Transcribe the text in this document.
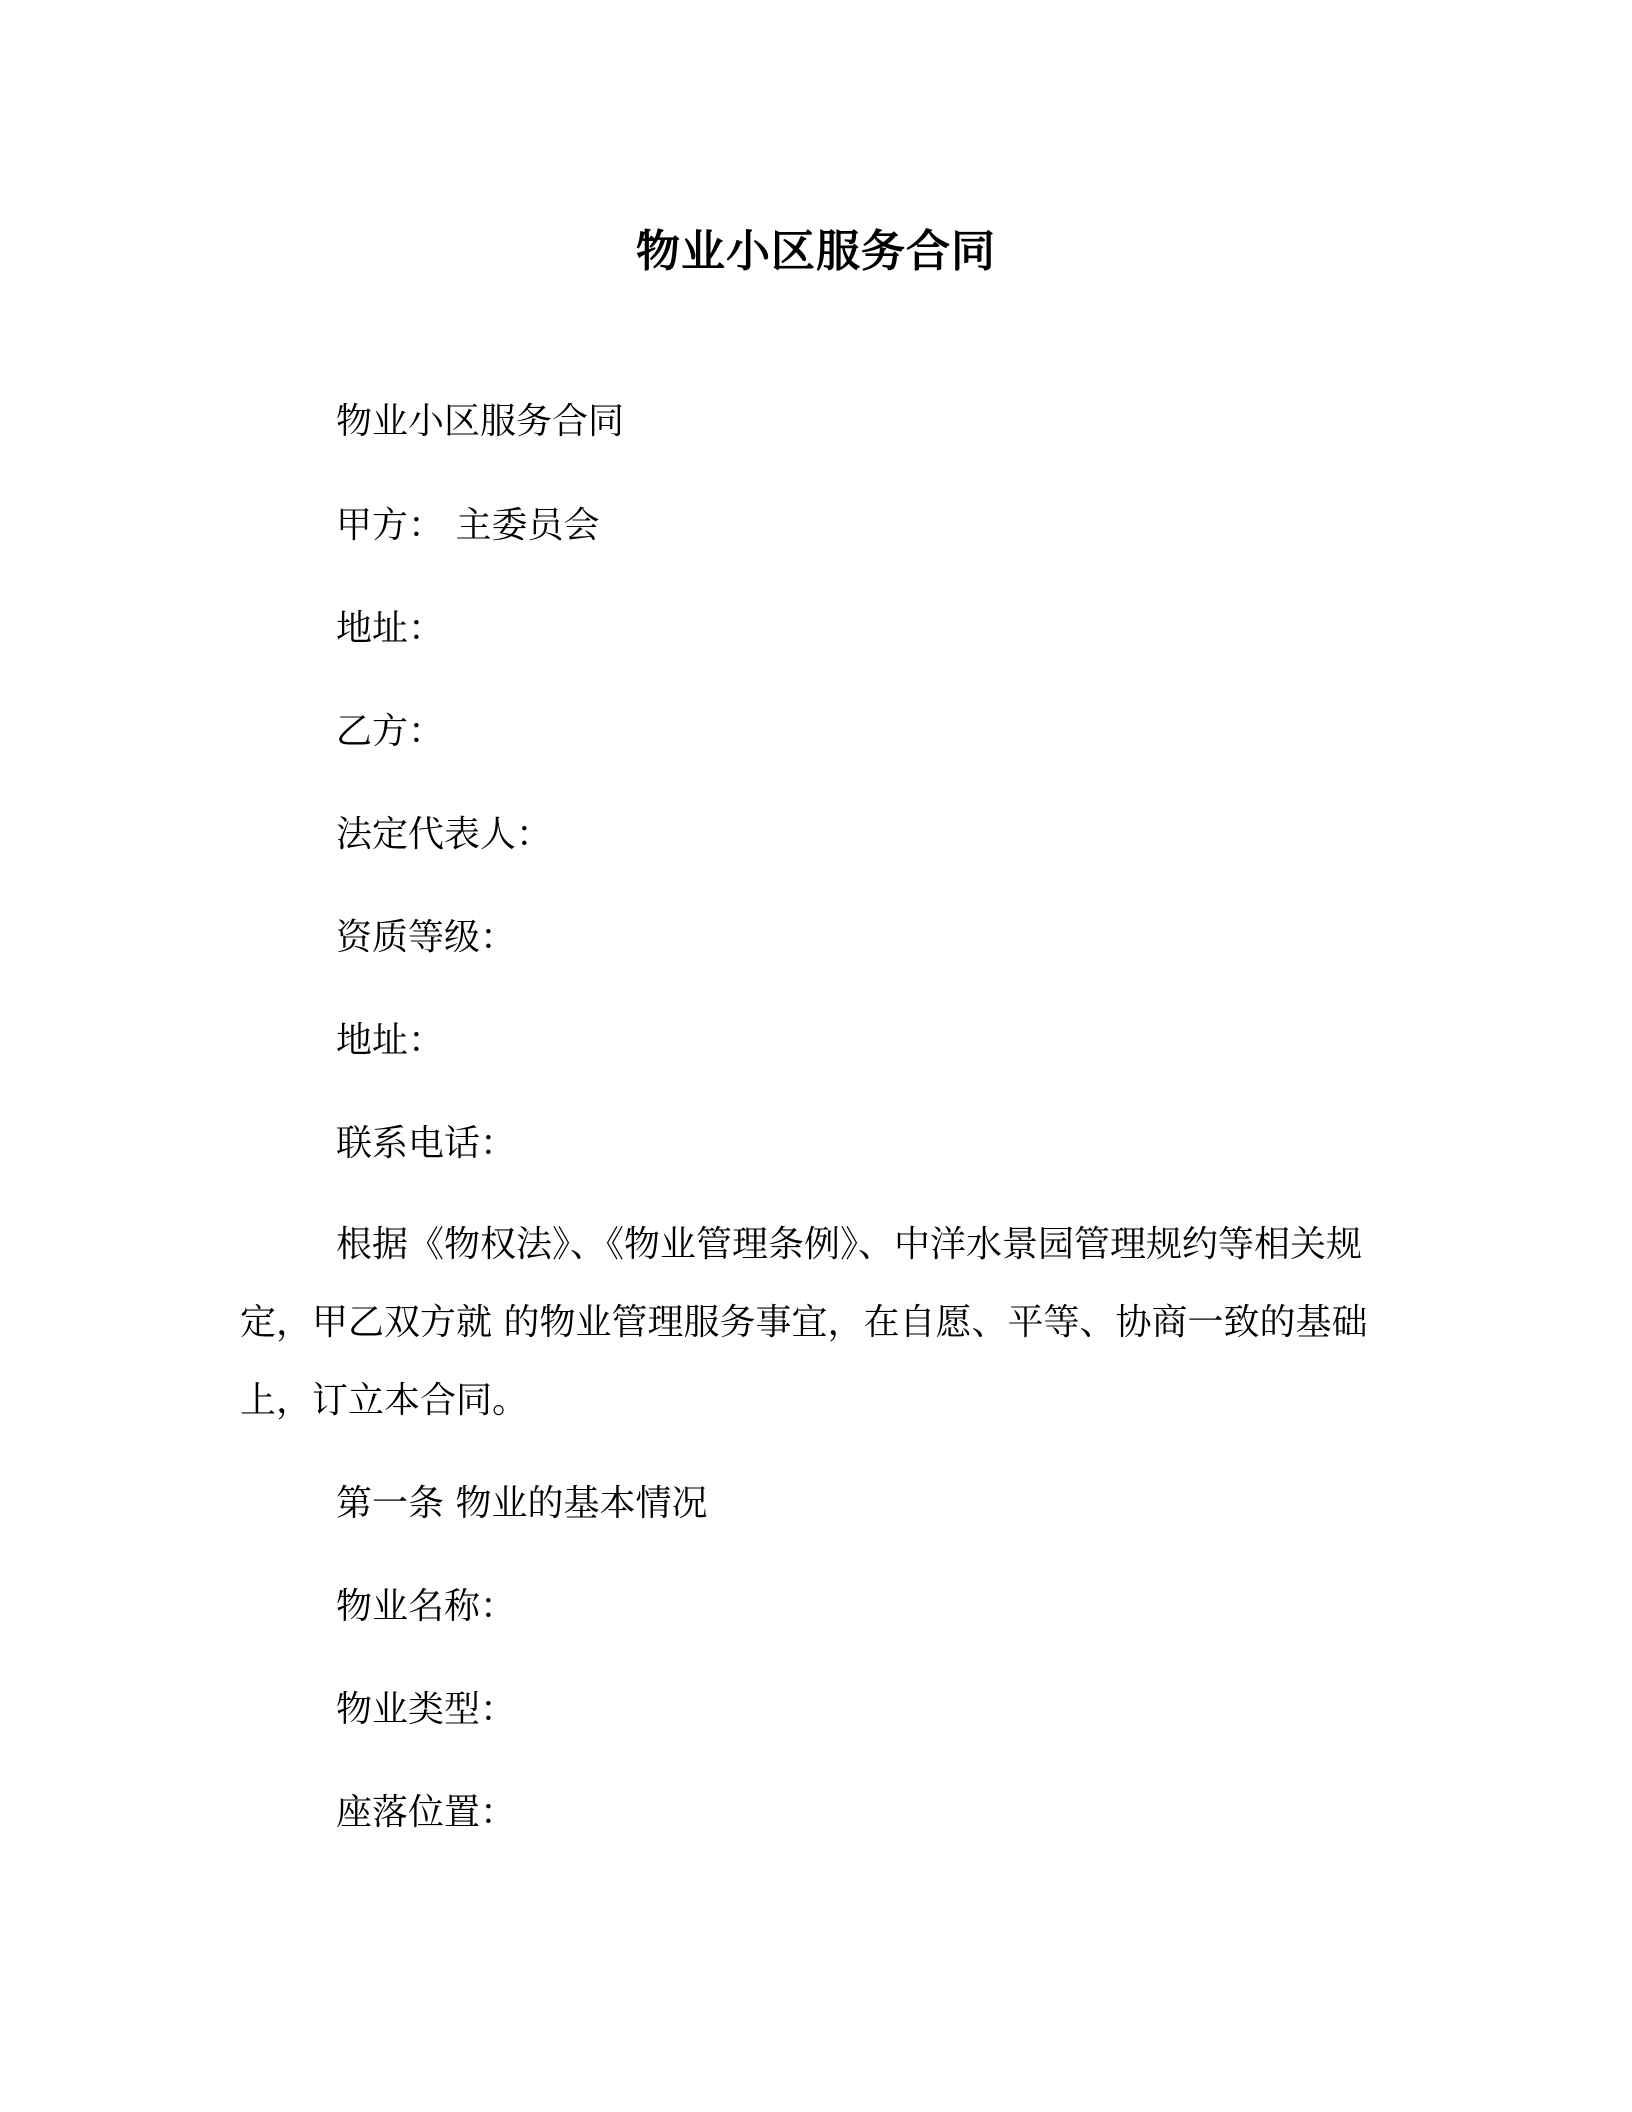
物业小区服务合同

物业小区服务合同

甲方： 主委员会

地址：

乙方：

法定代表人：

资质等级：

地址：

联系电话：

根据《物权法》、《物业管理条例》、中洋水景园管理规约等相关规定，甲乙双方就 的物业管理服务事宜，在自愿、平等、协商一致的基础上，订立本合同。

第一条 物业的基本情况

物业名称：

物业类型：

座落位置：
